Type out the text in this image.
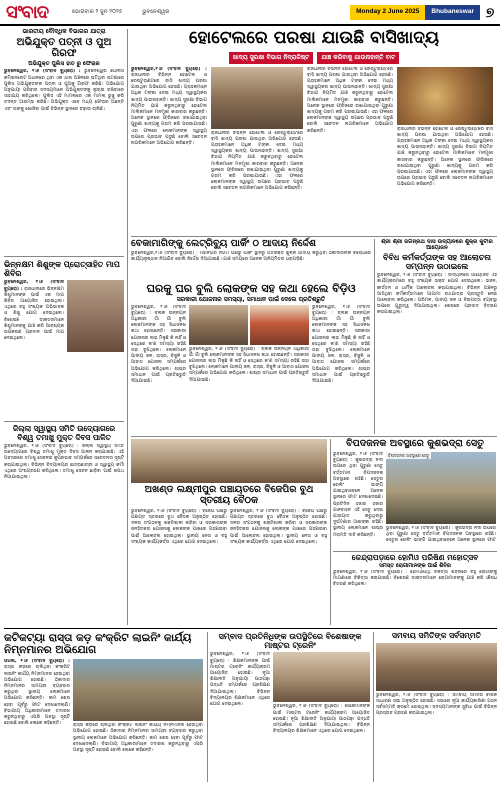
ସଂବାଦ	ଭୋଗବାର ୨ ଜୁନ ୨୦୨୫	ଭୁବନେଶ୍ୱର	Monday 2 June 2025	Bhubaneswar ୭
ଭାରତୀୟ ବୌଦ୍ଧିକ ବିଭାଗର ଯାତ୍ରା
ଅଭିଯୁକ୍ତ ପତ୍ନୀ ଓ ପୁଅ ଗିରଫ
ଅଭିଯୁକ୍ତ ପୁଲିସ ହାତ ରୁ ଫେରାର
ଭୁବନେଶ୍ୱର, ୧।୬ (ସଂବାଦ ବ୍ୟୁରୋ) : ଭୁବନେଶ୍ୱର ପୋଲିସ କମିଶନରେଟ ଅଧୀନରେ ଥିବା ଏକ ଥାନା ଅଞ୍ଚଳରେ ଘଟିଥିବା ଘଟଣାରେ ପୁଲିସ ଅଭିଯୁକ୍ତଙ୍କ ପତ୍ନୀ ଓ ପୁଅକୁ ଗିରଫ କରିଛି। ଅଭିଯୋଗ ଅନୁଯାୟୀ ପରିବାର ସଦସ୍ୟମାନେ ଅଭିଯୁକ୍ତଙ୍କୁ ଲୁଚାଇ ରଖିବାରେ ସାହାଯ୍ୟ କରିଥିଲେ। ପୁଲିସ ଏହି ମାମଲାରେ ଏକ ମାମଲା ରୁଜୁ କରି ତଦନ୍ତ ଆରମ୍ଭ କରିଛି। ଅଭିଯୁକ୍ତ ଏବେ ମଧ୍ୟ ଫେରାର ଅଛନ୍ତି ଏବଂ ତାଙ୍କୁ ଖୋଜିବା ପାଇଁ ବିଭିନ୍ନ ସ୍ଥାନରେ ଚଢ଼ାଉ ଚାଲିଛି।
ଭିନ୍ନକ୍ଷମ ଶିଶୁଙ୍କ ପ୍ରୋତ୍ସାହିତ ମାପ ଶିବିର
ଭୁବନେଶ୍ୱର, ୧।୬ (ସଂବାଦ ବ୍ୟୁରୋ) : ରାଜଧାନୀରେ ଭିନ୍ନକ୍ଷମ ଶିଶୁମାନଙ୍କ ପାଇଁ ଏକ ମାପ ଶିବିର ଆୟୋଜିତ ହୋଇଥିଲା। ଏଥିରେ ବହୁ ସଂଖ୍ୟକ ଅଭିଭାବକ ଓ ଶିଶୁ ଯୋଗ ଦେଇଥିଲେ। ବିଶେଷଜ୍ଞ ଡାକ୍ତରମାନେ ଶିଶୁମାନଙ୍କୁ ଯାଞ୍ଚ କରି ଆବଶ୍ୟକ ଉପକରଣ ପ୍ରଦାନ ପାଇଁ ମାପ ନେଇଥିଲେ।
ଜିଲ୍ଲା ସ୍ୱାସ୍ଥ୍ୟ ସମିତି ଉଦ୍ୟୋଗରେ ବିଶ୍ୱ ତମାଖୁ ମୁକ୍ତ ଦିବସ ପାଳିତ
ଭୁବନେଶ୍ୱର, ୧।୬ (ସଂବାଦ ବ୍ୟୁରୋ) : ଜିଲ୍ଲା ସ୍ୱାସ୍ଥ୍ୟ ସମିତି ଉଦ୍ୟୋଗରେ ବିଶ୍ୱ ତମାଖୁ ମୁକ୍ତ ଦିବସ ପାଳନ କରାଯାଇଛି। ଏହି ଅବସରରେ ତମାଖୁ ସେବନର କୁପ୍ରଭାବ ସମ୍ପର୍କରେ ସଚେତନତା ସୃଷ୍ଟି କରାଯାଇଥିଲା। ବିଭିନ୍ନ ବିଦ୍ୟାଳୟର ଛାତ୍ରଛାତ୍ରୀ ଓ ସ୍ୱାସ୍ଥ୍ୟ କର୍ମୀ ଏଥିରେ ଅଂଶଗ୍ରହଣ କରିଥିଲେ। ତମାଖୁ ସେବନ ଛାଡ଼ିବା ପାଇଁ ଶପଥ ନିଆଯାଇଥିଲା।
ହୋଟେଲରେ ପରଷା ଯାଉଛି ବାସିଖାଦ୍ୟ
ଖାଦ୍ୟ ସୁରକ୍ଷା ବିଭାଗ ନିଦ୍ରାଳିଷ୍ଟ	ଯାଞ୍ଚ କରିବାକୁ ଯାଉନାହାନ୍ତି ବାଟ
ଭୁବନେଶ୍ୱର,୧।୬ (ସଂବାଦ ବ୍ୟୁରୋ) : ରାଜଧାନୀର ବିଭିନ୍ନ ହୋଟେଲ ଓ ରେଷ୍ଟୁରାଣ୍ଟରେ ବାସି ଖାଦ୍ୟ ପରଷା ଯାଉଥିବା ଅଭିଯୋଗ ହେଉଛି। ଗ୍ରାହକମାନେ ଅଧିକ ଟଙ୍କା ଦେଇ ମଧ୍ୟ ସ୍ୱାସ୍ଥ୍ୟକର ଖାଦ୍ୟ ପାଉନାହାନ୍ତି। ଖାଦ୍ୟ ସୁରକ୍ଷା ବିଭାଗ ନିୟମିତ ଯାଞ୍ଚ କରୁନଥିବାରୁ ହୋଟେଲ ମାଲିକମାନେ ମନମୁଖୀ କାରବାର କରୁଛନ୍ତି। ଅନେକ ସ୍ଥାନରେ ଫ୍ରିଜରେ ରଖାଯାଇଥିବା ପୁରୁଣା ଖାଦ୍ୟକୁ ଗରମ କରି ପରଷାଯାଉଛି। ଏହା ଫଳରେ ଲୋକମାନଙ୍କ ସ୍ୱାସ୍ଥ୍ୟ ଉପରେ ପ୍ରଭାବ ପଡୁଛି ବୋଲି ସଚେତନ ନାଗରିକମାନେ ଅଭିଯୋଗ କରିଛନ୍ତି।
ରାଜଧାନୀର ବିଭିନ୍ନ ହୋଟେଲ ଓ ରେଷ୍ଟୁରାଣ୍ଟରେ ବାସି ଖାଦ୍ୟ ପରଷା ଯାଉଥିବା ଅଭିଯୋଗ ହେଉଛି। ଗ୍ରାହକମାନେ ଅଧିକ ଟଙ୍କା ଦେଇ ମଧ୍ୟ ସ୍ୱାସ୍ଥ୍ୟକର ଖାଦ୍ୟ ପାଉନାହାନ୍ତି। ଖାଦ୍ୟ ସୁରକ୍ଷା ବିଭାଗ ନିୟମିତ ଯାଞ୍ଚ କରୁନଥିବାରୁ ହୋଟେଲ ମାଲିକମାନେ ମନମୁଖୀ କାରବାର କରୁଛନ୍ତି। ଅନେକ ସ୍ଥାନରେ ଫ୍ରିଜରେ ରଖାଯାଇଥିବା ପୁରୁଣା ଖାଦ୍ୟକୁ ଗରମ କରି ପରଷାଯାଉଛି। ଏହା ଫଳରେ ଲୋକମାନଙ୍କ ସ୍ୱାସ୍ଥ୍ୟ ଉପରେ ପ୍ରଭାବ ପଡୁଛି ବୋଲି ସଚେତନ ନାଗରିକମାନେ ଅଭିଯୋଗ କରିଛନ୍ତି।
ରାଜଧାନୀର ବିଭିନ୍ନ ହୋଟେଲ ଓ ରେଷ୍ଟୁରାଣ୍ଟରେ ବାସି ଖାଦ୍ୟ ପରଷା ଯାଉଥିବା ଅଭିଯୋଗ ହେଉଛି। ଗ୍ରାହକମାନେ ଅଧିକ ଟଙ୍କା ଦେଇ ମଧ୍ୟ ସ୍ୱାସ୍ଥ୍ୟକର ଖାଦ୍ୟ ପାଉନାହାନ୍ତି। ଖାଦ୍ୟ ସୁରକ୍ଷା ବିଭାଗ ନିୟମିତ ଯାଞ୍ଚ କରୁନଥିବାରୁ ହୋଟେଲ ମାଲିକମାନେ ମନମୁଖୀ କାରବାର କରୁଛନ୍ତି। ଅନେକ ସ୍ଥାନରେ ଫ୍ରିଜରେ ରଖାଯାଇଥିବା ପୁରୁଣା ଖାଦ୍ୟକୁ ଗରମ କରି ପରଷାଯାଉଛି। ଏହା ଫଳରେ ଲୋକମାନଙ୍କ ସ୍ୱାସ୍ଥ୍ୟ ଉପରେ ପ୍ରଭାବ ପଡୁଛି ବୋଲି ସଚେତନ ନାଗରିକମାନେ ଅଭିଯୋଗ କରିଛନ୍ତି।	ରାଜଧାନୀର ବିଭିନ୍ନ ହୋଟେଲ ଓ ରେଷ୍ଟୁରାଣ୍ଟରେ ବାସି ଖାଦ୍ୟ ପରଷା ଯାଉଥିବା ଅଭିଯୋଗ ହେଉଛି। ଗ୍ରାହକମାନେ ଅଧିକ ଟଙ୍କା ଦେଇ ମଧ୍ୟ ସ୍ୱାସ୍ଥ୍ୟକର ଖାଦ୍ୟ ପାଉନାହାନ୍ତି। ଖାଦ୍ୟ ସୁରକ୍ଷା ବିଭାଗ ନିୟମିତ ଯାଞ୍ଚ କରୁନଥିବାରୁ ହୋଟେଲ ମାଲିକମାନେ ମନମୁଖୀ କାରବାର କରୁଛନ୍ତି। ଅନେକ ସ୍ଥାନରେ ଫ୍ରିଜରେ ରଖାଯାଇଥିବା ପୁରୁଣା ଖାଦ୍ୟକୁ ଗରମ କରି ପରଷାଯାଉଛି। ଏହା ଫଳରେ ଲୋକମାନଙ୍କ ସ୍ୱାସ୍ଥ୍ୟ ଉପରେ ପ୍ରଭାବ ପଡୁଛି ବୋଲି ସଚେତନ ନାଗରିକମାନେ ଅଭିଯୋଗ କରିଛନ୍ତି।
ବେକାମାଗିଙ୍କୁ ଲେଟ୍ରିବ୍ୟୁ ପାର୍କିଂ ଠ ଆଦାୟ ନିର୍ଦ୍ଦେଶ
ଭୁବନେଶ୍ୱର,୧।୬ (ସଂବାଦ ବ୍ୟୁରୋ) : ମହାନଗର ନିଗମ ପକ୍ଷରୁ ପାର୍କିଂ ସ୍ଥାନରୁ ଅତିରିକ୍ତ ଶୁଳ୍କ ଆଦାୟ କରୁଥିବା ଠିକାଦାରଙ୍କ ବିରୋଧରେ କାର୍ଯ୍ୟାନୁଷ୍ଠାନ ନିଆଯିବ ବୋଲି ନିର୍ଦ୍ଦେଶ ଦିଆଯାଇଛି। ଯାଞ୍ଚ ସମୟରେ ଅନେକ ଅନିୟମିତତା ଧରାପଡ଼ିଛି।
ଘରକୁ ଘର ବୁଲି ଲୋକଙ୍କ ସହ କଥା ହେଲେ ବିଡ଼ିଓ
ସରକାରୀ ଯୋଜନାର ସମସ୍ୟା, ସମାଧାନ ପାଇଁ ଦେଲେ ପ୍ରତିଶ୍ରୁତି
ଭୁବନେଶ୍ୱର, ୧।୬ (ସଂବାଦ ବ୍ୟୁରୋ) : ବ୍ଲକ ଉନ୍ନୟନ ଅଧିକାରୀ ଗାଁ ଗାଁ ବୁଲି ଲୋକମାନଙ୍କ ସହ ସିଧାସଳଖ କଥା ହୋଇଛନ୍ତି। ସରକାରୀ ଯୋଜନାର ଲାଭ ମିଳୁଛି କି ନାହିଁ ଓ ସେଥିରେ କ'ଣ ସମସ୍ୟା ରହିଛି ତାହା ବୁଝିଥିଲେ। ଲୋକମାନେ ପାନୀୟ ଜଳ, ରାସ୍ତା, ବିଜୁଳି ଓ ଆବାସ ଯୋଜନା ସମ୍ପର୍କରେ ଅଭିଯୋଗ କରିଥିଲେ। ଶୀଘ୍ର ସମାଧାନ ପାଇଁ ପ୍ରତିଶ୍ରୁତି ଦିଆଯାଇଛି।
ଭୁବନେଶ୍ୱର, ୧।୬ (ସଂବାଦ ବ୍ୟୁରୋ) : ବ୍ଲକ ଉନ୍ନୟନ ଅଧିକାରୀ ଗାଁ ଗାଁ ବୁଲି ଲୋକମାନଙ୍କ ସହ ସିଧାସଳଖ କଥା ହୋଇଛନ୍ତି। ସରକାରୀ ଯୋଜନାର ଲାଭ ମିଳୁଛି କି ନାହିଁ ଓ ସେଥିରେ କ'ଣ ସମସ୍ୟା ରହିଛି ତାହା ବୁଝିଥିଲେ। ଲୋକମାନେ ପାନୀୟ ଜଳ, ରାସ୍ତା, ବିଜୁଳି ଓ ଆବାସ ଯୋଜନା ସମ୍ପର୍କରେ ଅଭିଯୋଗ କରିଥିଲେ। ଶୀଘ୍ର ସମାଧାନ ପାଇଁ ପ୍ରତିଶ୍ରୁତି ଦିଆଯାଇଛି।
ଭୁବନେଶ୍ୱର, ୧।୬ (ସଂବାଦ ବ୍ୟୁରୋ) : ବ୍ଲକ ଉନ୍ନୟନ ଅଧିକାରୀ ଗାଁ ଗାଁ ବୁଲି ଲୋକମାନଙ୍କ ସହ ସିଧାସଳଖ କଥା ହୋଇଛନ୍ତି। ସରକାରୀ ଯୋଜନାର ଲାଭ ମିଳୁଛି କି ନାହିଁ ଓ ସେଥିରେ କ'ଣ ସମସ୍ୟା ରହିଛି ତାହା ବୁଝିଥିଲେ। ଲୋକମାନେ ପାନୀୟ ଜଳ, ରାସ୍ତା, ବିଜୁଳି ଓ ଆବାସ ଯୋଜନା ସମ୍ପର୍କରେ ଅଭିଯୋଗ କରିଥିଲେ। ଶୀଘ୍ର ସମାଧାନ ପାଇଁ ପ୍ରତିଶ୍ରୁତି ଦିଆଯାଇଛି।
ଶ୍ରୀ ଶ୍ରୀ ଜଗନ୍ନାଥ ଦାସ ଉଦ୍ୟାନରେ ଶୁକ୍ର କୁଟୀର ଆୟୋଜନ
ବିବିଧ କର୍ମକର୍ତ୍ତାଙ୍କ ସହ ଆଲୋଚନା ସମ୍ପନ୍ନ ଉଠାଇଲେ
ଭୁବନେଶ୍ୱର, ୧।୬ (ସଂବାଦ ବ୍ୟୁରୋ) : ଉଦ୍ୟାନରେ ଆୟୋଜିତ ଏହି କାର୍ଯ୍ୟକ୍ରମରେ ବହୁ ସଂଖ୍ୟକ ଭକ୍ତ ଯୋଗ ଦେଇଥିଲେ। ଭଜନ, କୀର୍ତ୍ତନ ଓ ଧାର୍ମିକ ଆଲୋଚନା କରାଯାଇଥିଲା। ବିଭିନ୍ନ ଅଞ୍ଚଳରୁ ଆସିଥିବା କର୍ମକର୍ତ୍ତାମାନେ ଆଗାମୀ ରଥଯାତ୍ରା ପ୍ରସ୍ତୁତି ନେଇ ଆଲୋଚନା କରିଥିଲେ। ପରିମଳ, ପାନୀୟ ଜଳ ଓ ନିରାପତ୍ତା ବ୍ୟବସ୍ଥା ଉପରେ ଗୁରୁତ୍ୱ ଦିଆଯାଇଥିଲା। ଶେଷରେ ପ୍ରସାଦ ବିତରଣ କରାଯାଇଥିଲା।
ଅଖଣ୍ଡ ଲକ୍ଷ୍ମୀପୁର ପଞ୍ଚାୟତରେ ବିଜେପିର ବୁଥ ସ୍ତରୀୟ ବୈଠକ
ଭୁବନେଶ୍ୱର, ୧।୬ (ସଂବାଦ ବ୍ୟୁରୋ) : ବିଜେପି ପକ୍ଷରୁ ପଞ୍ଚାୟତ ସ୍ତରରେ ବୁଥ ବୈଠକ ଅନୁଷ୍ଠିତ ହୋଇଛି। ଦଳର ସଂଗଠନକୁ ଶକ୍ତିଶାଳୀ କରିବା ଓ ସରକାରଙ୍କ ଜନହିତକର ଯୋଜନାକୁ ଲୋକଙ୍କ ପାଖରେ ପହଞ୍ଚାଇବା ପାଇଁ ଆଲୋଚନା ହୋଇଥିଲା। ସ୍ଥାନୀୟ ନେତା ଓ ବହୁ ସଂଖ୍ୟକ କାର୍ଯ୍ୟକର୍ତ୍ତା ଏଥିରେ ଯୋଗ ଦେଇଥିଲେ।
ଭୁବନେଶ୍ୱର, ୧।୬ (ସଂବାଦ ବ୍ୟୁରୋ) : ବିଜେପି ପକ୍ଷରୁ ପଞ୍ଚାୟତ ସ୍ତରରେ ବୁଥ ବୈଠକ ଅନୁଷ୍ଠିତ ହୋଇଛି। ଦଳର ସଂଗଠନକୁ ଶକ୍ତିଶାଳୀ କରିବା ଓ ସରକାରଙ୍କ ଜନହିତକର ଯୋଜନାକୁ ଲୋକଙ୍କ ପାଖରେ ପହଞ୍ଚାଇବା ପାଇଁ ଆଲୋଚନା ହୋଇଥିଲା। ସ୍ଥାନୀୟ ନେତା ଓ ବହୁ ସଂଖ୍ୟକ କାର୍ଯ୍ୟକର୍ତ୍ତା ଏଥିରେ ଯୋଗ ଦେଇଥିଲେ।
ବିପଦଜନକ ଅବସ୍ଥାରେ କୁଶଭଦ୍ରା ସେତୁ
ଭୁବନେଶ୍ୱର, ୧।୬ (ସଂବାଦ ବ୍ୟୁରୋ) : କୁଶଭଦ୍ରା ନଦୀ ଉପରେ ଥିବା ପୁରୁଣା ସେତୁ ବର୍ତ୍ତମାନ ବିପଦଜନକ ଅବସ୍ଥାରେ ରହିଛି। ସେତୁର ରେଲିଂ ଭାଙ୍ଗି ଯାଇଥିବାବେଳେ ଅନେକ ସ୍ଥାନରେ ଫାଟ ଦେଖାଦେଇଛି। ପ୍ରତିଦିନ ହଜାର ହଜାର ଯାନବାହନ ଏହି ସେତୁ ଦେଇ ଯାତାୟାତ କରୁଥିବାରୁ ଦୁର୍ଘଟଣାର ଆଶଙ୍କା ରହିଛି। ସ୍ଥାନୀୟ ଲୋକମାନେ ଶୀଘ୍ର ମରାମତି ଦାବି କରିଛନ୍ତି।
ବିପଦଜନକ ଅବସ୍ଥାରେ ସେତୁ
ଭୁବନେଶ୍ୱର, ୧।୬ (ସଂବାଦ ବ୍ୟୁରୋ) : କୁଶଭଦ୍ରା ନଦୀ ଉପରେ ଥିବା ପୁରୁଣା ସେତୁ ବର୍ତ୍ତମାନ ବିପଦଜନକ ଅବସ୍ଥାରେ ରହିଛି। ସେତୁର ରେଲିଂ ଭାଙ୍ଗି ଯାଇଥିବାବେଳେ ଅନେକ ସ୍ଥାନରେ ଫାଟ
କେନ୍ଦ୍ରାପଡ଼ାରେ ହୋମିଓ ପରିଷିଣ ମହୋତ୍ସବ
ସମସ୍ତ ରୋଗୀମାନଙ୍କ ପାଇଁ ଶିବିର
ଭୁବନେଶ୍ୱର, ୧।୬ (ସଂବାଦ ବ୍ୟୁରୋ) : ହୋମିଓପାଥି ଚିକିତ୍ସା ଶିବିରରେ ବହୁ ରୋଗୀଙ୍କୁ ମାଗଣାରେ ଚିକିତ୍ସା କରାଯାଇଛି। ବିଶେଷଜ୍ଞ ଡାକ୍ତରମାନେ ରୋଗୀମାନଙ୍କୁ ଯାଞ୍ଚ କରି ଔଷଧ ବିତରଣ କରିଥିଲେ।
କଟିକଟ୍ୟା ରାସ୍ତା କଡ଼ କଂକ୍ରିଟ ଲାଇନିଂ କାର୍ଯ୍ୟ ନିମ୍ନମାନର ଅଭିଯୋଗ
ପିପିଲି, ୧।୬ (ସଂବାଦ ବ୍ୟୁରୋ) : ରାସ୍ତା କଡ଼ରେ ଚାଲିଥିବା କଂକ୍ରିଟ ଲାଇନିଂ କାର୍ଯ୍ୟ ନିମ୍ନମାନର ହେଉଥିବା ଅଭିଯୋଗ ହୋଇଛି। ଠିକାଦାର ନିମ୍ନମାନର ସାମଗ୍ରୀ ବ୍ୟବହାର କରୁଥିବା ସ୍ଥାନୀୟ ଲୋକମାନେ ଅଭିଯୋଗ କରିଛନ୍ତି। କାମ ଶେଷ ହେବା ପୂର୍ବରୁ ଫାଟ ଦେଖାଦେଲାଣି। ବିଭାଗୀୟ ଅଧିକାରୀମାନେ ତଦାରଖ କରୁନଥିବାରୁ ଏପରି ଅବସ୍ଥା ସୃଷ୍ଟି ହୋଇଛି ବୋଲି ଲୋକେ କହିଛନ୍ତି।	ରାସ୍ତା କଡ଼ରେ ଚାଲିଥିବା କଂକ୍ରିଟ ଲାଇନିଂ କାର୍ଯ୍ୟ ନିମ୍ନମାନର ହେଉଥିବା ଅଭିଯୋଗ ହୋଇଛି। ଠିକାଦାର ନିମ୍ନମାନର ସାମଗ୍ରୀ ବ୍ୟବହାର କରୁଥିବା ସ୍ଥାନୀୟ ଲୋକମାନେ ଅଭିଯୋଗ କରିଛନ୍ତି। କାମ ଶେଷ ହେବା ପୂର୍ବରୁ ଫାଟ ଦେଖାଦେଲାଣି। ବିଭାଗୀୟ ଅଧିକାରୀମାନେ ତଦାରଖ କରୁନଥିବାରୁ ଏପରି ଅବସ୍ଥା ସୃଷ୍ଟି ହୋଇଛି ବୋଲି ଲୋକେ କହିଛନ୍ତି।
ସମ୍ବାଦ ପ୍ରତିନିଧିଙ୍କ ଉପସ୍ଥିତିରେ ବିଶେଷାଙ୍କ ମାଷ୍ଟର ଟ୍ରେନିଂ
ଭୁବନେଶ୍ୱର, ୧।୬ (ସଂବାଦ ବ୍ୟୁରୋ) : ଶିକ୍ଷକମାନଙ୍କ ପାଇଁ ମାଷ୍ଟର ଟ୍ରେନିଂ କାର୍ଯ୍ୟକ୍ରମ ଆୟୋଜିତ ହୋଇଛି। ନୂଆ ଶିକ୍ଷାନୀତି ଅନୁଯାୟୀ ପାଠପଢ଼ା ପଦ୍ଧତି ସମ୍ପର୍କରେ ପ୍ରଶିକ୍ଷଣ ଦିଆଯାଇଥିଲା। ବିଭିନ୍ନ ବିଦ୍ୟାଳୟର ଶିକ୍ଷକମାନେ ଏଥିରେ ଯୋଗ ଦେଇଥିଲେ।	ଭୁବନେଶ୍ୱର, ୧।୬ (ସଂବାଦ ବ୍ୟୁରୋ) : ଶିକ୍ଷକମାନଙ୍କ ପାଇଁ ମାଷ୍ଟର ଟ୍ରେନିଂ କାର୍ଯ୍ୟକ୍ରମ ଆୟୋଜିତ ହୋଇଛି। ନୂଆ ଶିକ୍ଷାନୀତି ଅନୁଯାୟୀ ପାଠପଢ଼ା ପଦ୍ଧତି ସମ୍ପର୍କରେ ପ୍ରଶିକ୍ଷଣ ଦିଆଯାଇଥିଲା। ବିଭିନ୍ନ ବିଦ୍ୟାଳୟର ଶିକ୍ଷକମାନେ ଏଥିରେ ଯୋଗ ଦେଇଥିଲେ।
ସମବାୟ ସମିତିଙ୍କ ସର୍ବସମ୍ମତି
ଭୁବନେଶ୍ୱର, ୧।୬ (ସଂବାଦ ବ୍ୟୁରୋ) : ସମବାୟ ସମିତିର ବାର୍ଷିକ ସାଧାରଣ ସଭା ଅନୁଷ୍ଠିତ ହୋଇଛି। ସଭାରେ ନୂଆ କାର୍ଯ୍ୟକାରିଣୀ ଗଠନ ସର୍ବସମ୍ମତି କ୍ରମେ ହୋଇଥିଲା। ସଦସ୍ୟମାନଙ୍କ ସୁବିଧା ପାଇଁ ବିଭିନ୍ନ ପ୍ରସ୍ତାବ ଗ୍ରହଣ କରାଯାଇଥିଲା।
